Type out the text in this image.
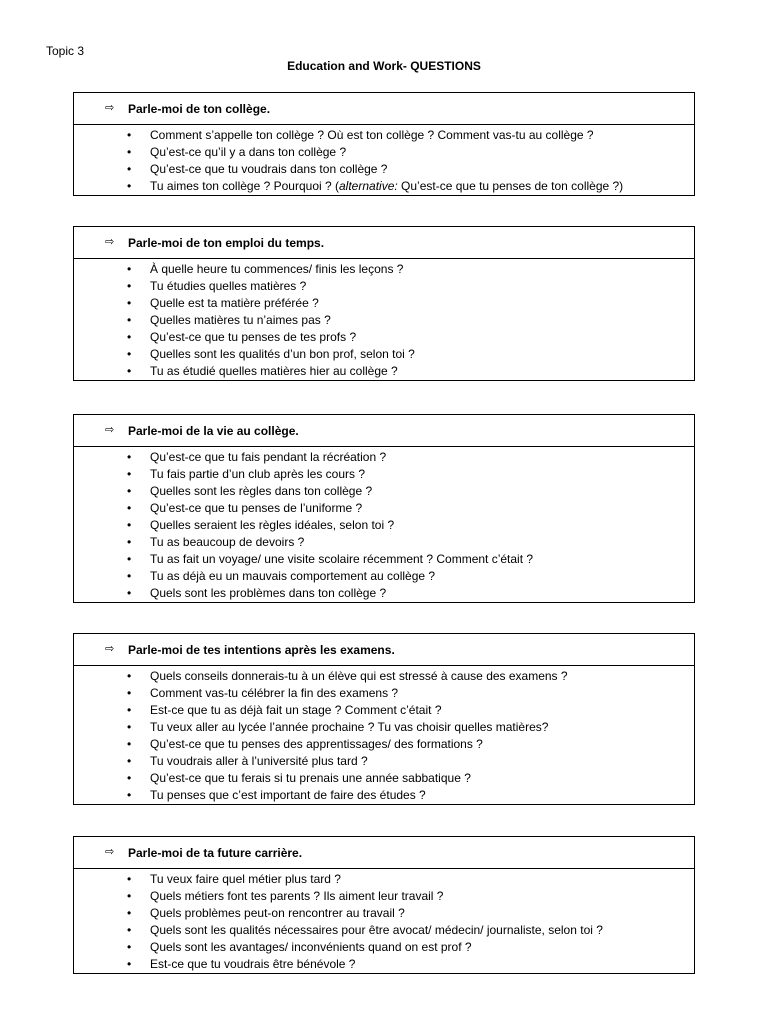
Topic 3
Education and Work- QUESTIONS
⇨ Parle-moi de ton collège.
• Comment s’appelle ton collège ? Où est ton collège ? Comment vas-tu au collège ?
• Qu’est-ce qu’il y a dans ton collège ?
• Qu’est-ce que tu voudrais dans ton collège ?
• Tu aimes ton collège ? Pourquoi ? (alternative: Qu’est-ce que tu penses de ton collège ?)
⇨ Parle-moi de ton emploi du temps.
• À quelle heure tu commences/ finis les leçons ?
• Tu étudies quelles matières ?
• Quelle est ta matière préférée ?
• Quelles matières tu n’aimes pas ?
• Qu’est-ce que tu penses de tes profs ?
• Quelles sont les qualités d’un bon prof, selon toi ?
• Tu as étudié quelles matières hier au collège ?
⇨ Parle-moi de la vie au collège.
• Qu’est-ce que tu fais pendant la récréation ?
• Tu fais partie d’un club après les cours ?
• Quelles sont les règles dans ton collège ?
• Qu’est-ce que tu penses de l’uniforme ?
• Quelles seraient les règles idéales, selon toi ?
• Tu as beaucoup de devoirs ?
• Tu as fait un voyage/ une visite scolaire récemment ? Comment c’était ?
• Tu as déjà eu un mauvais comportement au collège ?
• Quels sont les problèmes dans ton collège ?
⇨ Parle-moi de tes intentions après les examens.
• Quels conseils donnerais-tu à un élève qui est stressé à cause des examens ?
• Comment vas-tu célébrer la fin des examens ?
• Est-ce que tu as déjà fait un stage ? Comment c’était ?
• Tu veux aller au lycée l’année prochaine ? Tu vas choisir quelles matières?
• Qu’est-ce que tu penses des apprentissages/ des formations ?
• Tu voudrais aller à l’université plus tard ?
• Qu’est-ce que tu ferais si tu prenais une année sabbatique ?
• Tu penses que c’est important de faire des études ?
⇨ Parle-moi de ta future carrière.
• Tu veux faire quel métier plus tard ?
• Quels métiers font tes parents ? Ils aiment leur travail ?
• Quels problèmes peut-on rencontrer au travail ?
• Quels sont les qualités nécessaires pour être avocat/ médecin/ journaliste, selon toi ?
• Quels sont les avantages/ inconvénients quand on est prof ?
• Est-ce que tu voudrais être bénévole ?
